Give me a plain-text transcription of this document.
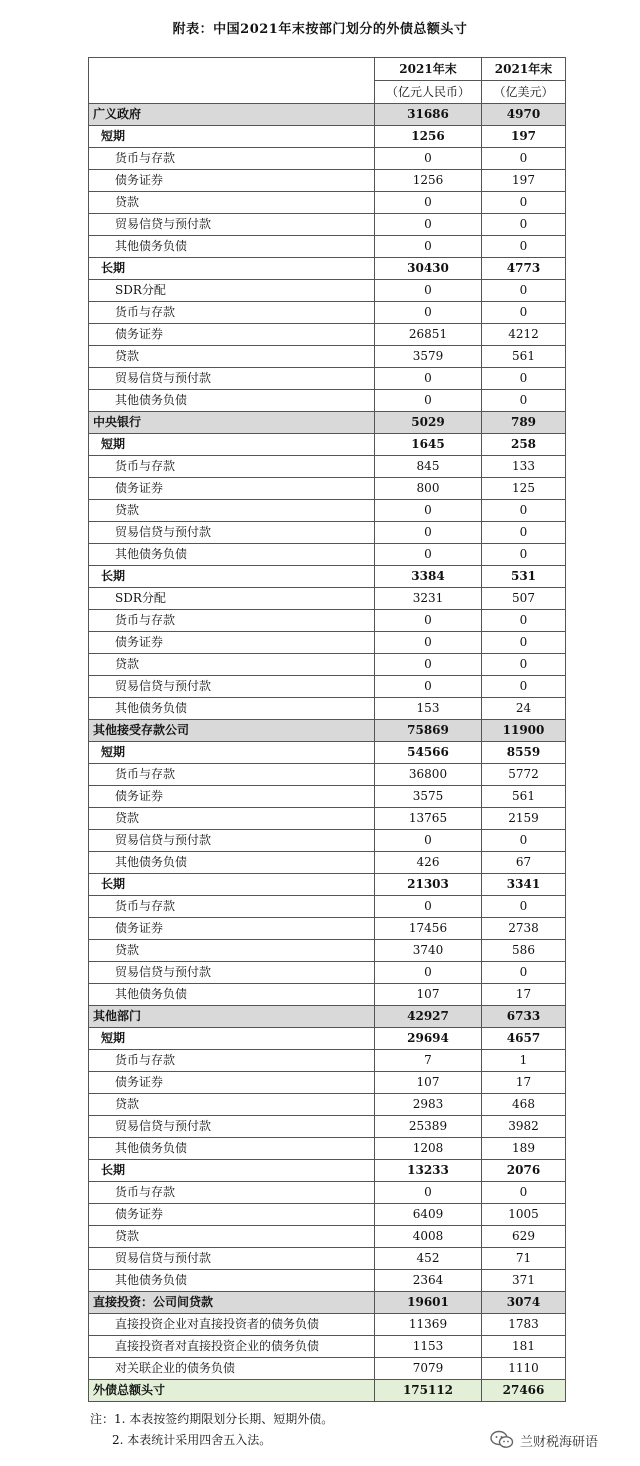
附表：中国2021年末按部门划分的外债总额头寸
	2021年末	2021年末
	（亿元人民币）	（亿美元）
广义政府	31686	4970
短期	1256	197
货币与存款	0	0
债务证券	1256	197
贷款	0	0
贸易信贷与预付款	0	0
其他债务负债	0	0
长期	30430	4773
SDR分配	0	0
货币与存款	0	0
债务证券	26851	4212
贷款	3579	561
贸易信贷与预付款	0	0
其他债务负债	0	0
中央银行	5029	789
短期	1645	258
货币与存款	845	133
债务证券	800	125
贷款	0	0
贸易信贷与预付款	0	0
其他债务负债	0	0
长期	3384	531
SDR分配	3231	507
货币与存款	0	0
债务证券	0	0
贷款	0	0
贸易信贷与预付款	0	0
其他债务负债	153	24
其他接受存款公司	75869	11900
短期	54566	8559
货币与存款	36800	5772
债务证券	3575	561
贷款	13765	2159
贸易信贷与预付款	0	0
其他债务负债	426	67
长期	21303	3341
货币与存款	0	0
债务证券	17456	2738
贷款	3740	586
贸易信贷与预付款	0	0
其他债务负债	107	17
其他部门	42927	6733
短期	29694	4657
货币与存款	7	1
债务证券	107	17
贷款	2983	468
贸易信贷与预付款	25389	3982
其他债务负债	1208	189
长期	13233	2076
货币与存款	0	0
债务证券	6409	1005
贷款	4008	629
贸易信贷与预付款	452	71
其他债务负债	2364	371
直接投资：公司间贷款	19601	3074
直接投资企业对直接投资者的债务负债	11369	1783
直接投资者对直接投资企业的债务负债	1153	181
对关联企业的债务负债	7079	1110
外债总额头寸	175112	27466
注：1. 本表按签约期限划分长期、短期外债。
2. 本表统计采用四舍五入法。	兰财税海研语
